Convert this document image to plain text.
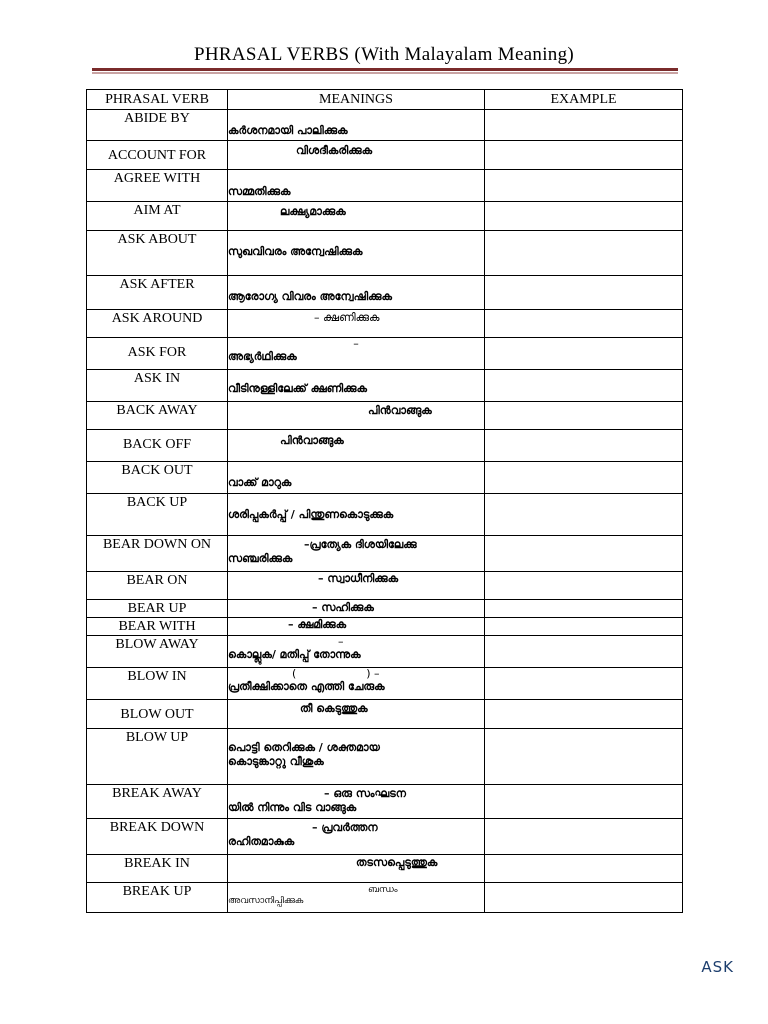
PHRASAL VERBS (With Malayalam Meaning)
PHRASAL VERB	MEANINGS	EXAMPLE
ABIDE BY	കർശനമായി പാലിക്കുക	
ACCOUNT FOR	വിശദീകരിക്കുക	
AGREE WITH	സമ്മതിക്കുക	
AIM AT	ലക്ഷ്യമാക്കുക	
ASK ABOUT	സുഖവിവരം അന്വേഷിക്കുക	
ASK AFTER	ആരോഗ്യ വിവരം അന്വേഷിക്കുക	
ASK AROUND	– ക്ഷണിക്കുക	
ASK FOR	–
അഭ്യർഥിക്കുക	

ASK IN	വീടിനുള്ളിലേക്ക് ക്ഷണിക്കുക	
BACK AWAY	പിൻവാങ്ങുക	
BACK OFF	പിൻവാങ്ങുക	
BACK OUT	വാക്ക് മാറുക	
BACK UP	ശരിപ്പകർപ്പ് / പിന്തുണകൊടുക്കുക	
BEAR DOWN ON	–പ്രത്യേക ദിശയിലേക്കു
സഞ്ചരിക്കുക	

BEAR ON	– സ്വാധീനിക്കുക	
BEAR UP	– സഹിക്കുക	
BEAR WITH	– ക്ഷമിക്കുക	
BLOW AWAY	–
കൊല്ലുക/ മതിപ്പ് തോന്നുക	

BLOW IN	(                    ) –
പ്രതീക്ഷിക്കാതെ എത്തി ചേരുക	

BLOW OUT	തീ കെടുത്തുക	
BLOW UP	പൊട്ടി തെറിക്കുക / ശക്തമായ
കൊടുങ്കാറ്റു വീശുക	

BREAK AWAY	– ഒരു സംഘടന
യിൽ നിന്നും വിട വാങ്ങുക	

BREAK DOWN	– പ്രവർത്തന
രഹിതമാകുക	

BREAK IN	തടസപ്പെടുത്തുക	
BREAK UP	ബന്ധം
അവസാനിപ്പിക്കുക	

ASK
